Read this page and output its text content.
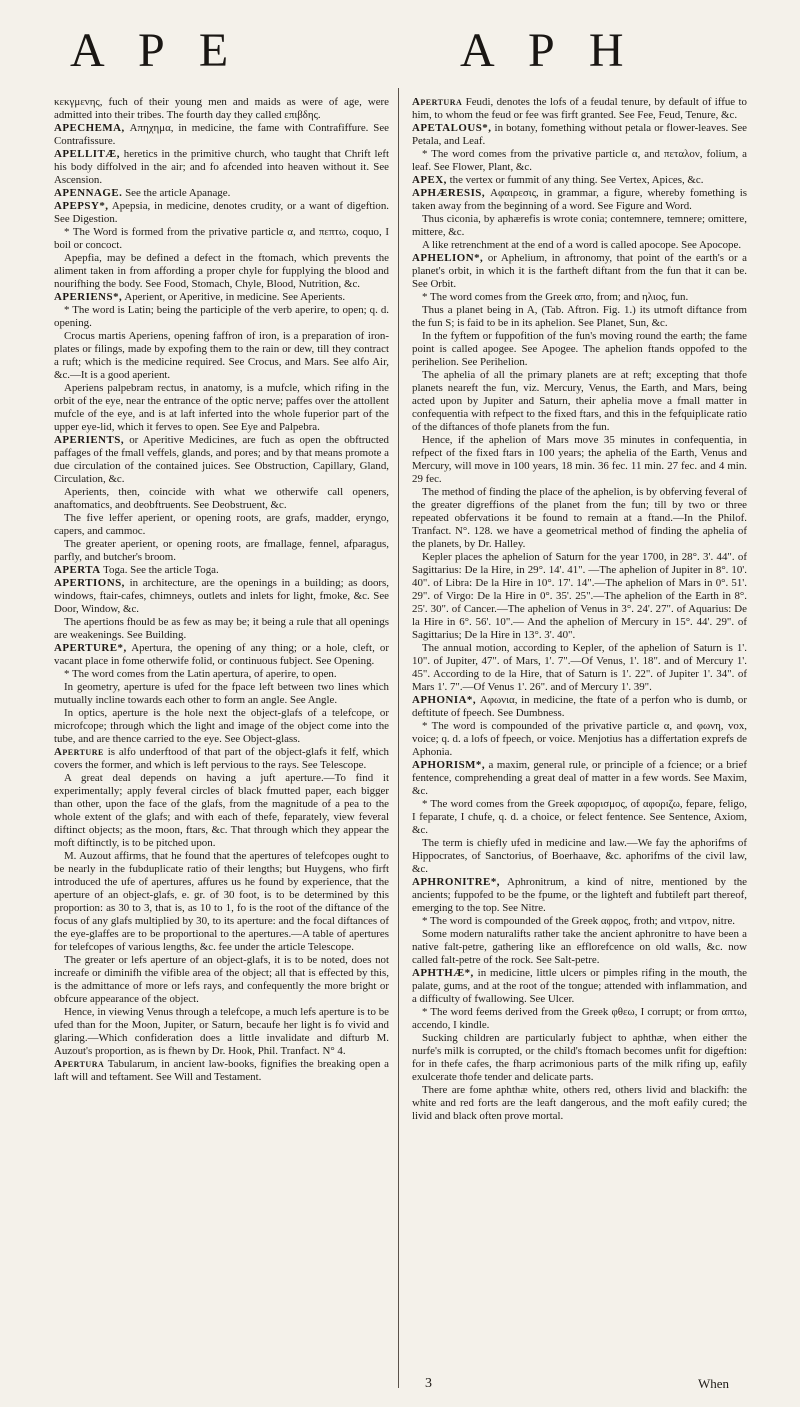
A P E	A P H

κεκγμενης, fuch of their young men and maids as were of age, were admitted into their tribes. The fourth day they called επιβδης.

APECHEMA, Απηχημα, in medicine, the fame with Contrafiffure. See Contrafissure.

APELLITÆ, heretics in the primitive church, who taught that Chrift left his body diffolved in the air; and fo afcended into heaven without it. See Ascension.

APENNAGE. See the article Apanage.

APEPSY*, Apepsia, in medicine, denotes crudity, or a want of digeftion. See Digestion.

* The Word is formed from the privative particle α, and πεπτω, coquo, I boil or concoct.

Apepfia, may be defined a defect in the ftomach, which prevents the aliment taken in from affording a proper chyle for fupplying the blood and nourifhing the body. See Food, Stomach, Chyle, Blood, Nutrition, &c.

APERIENS*, Aperient, or Aperitive, in medicine. See Aperients.

* The word is Latin; being the participle of the verb aperire, to open; q. d. opening.

Crocus martis Aperiens, opening faffron of iron, is a preparation of iron-plates or filings, made by expofing them to the rain or dew, till they contract a ruft; which is the medicine required. See Crocus, and Mars. See alfo Air, &c.—It is a good aperient.

Aperiens palpebram rectus, in anatomy, is a mufcle, which rifing in the orbit of the eye, near the entrance of the optic nerve; paffes over the attollent mufcle of the eye, and is at laft inferted into the whole fuperior part of the upper eye-lid, which it ferves to open. See Eye and Palpebra.

APERIENTS, or Aperitive Medicines, are fuch as open the obftructed paffages of the fmall veffels, glands, and pores; and by that means promote a due circulation of the contained juices. See Obstruction, Capillary, Gland, Circulation, &c.

Aperients, then, coincide with what we otherwife call openers, anaftomatics, and deobftruents. See Deobstruent, &c.

The five leffer aperient, or opening roots, are grafs, madder, eryngo, capers, and cammoc.

The greater aperient, or opening roots, are fmallage, fennel, afparagus, parfly, and butcher's broom.

APERTA Toga. See the article Toga.

APERTIONS, in architecture, are the openings in a building; as doors, windows, ftair-cafes, chimneys, outlets and inlets for light, fmoke, &c. See Door, Window, &c.

The apertions fhould be as few as may be; it being a rule that all openings are weakenings. See Building.

APERTURE*, Apertura, the opening of any thing; or a hole, cleft, or vacant place in fome otherwife folid, or continuous fubject. See Opening.

* The word comes from the Latin apertura, of aperire, to open.

In geometry, aperture is ufed for the fpace left between two lines which mutually incline towards each other to form an angle. See Angle.

In optics, aperture is the hole next the object-glafs of a telefcope, or microfcope; through which the light and image of the object come into the tube, and are thence carried to the eye. See Object-glass.

Aperture is alfo underftood of that part of the object-glafs it felf, which covers the former, and which is left pervious to the rays. See Telescope.

A great deal depends on having a juft aperture.—To find it experimentally; apply feveral circles of black fmutted paper, each bigger than other, upon the face of the glafs, from the magnitude of a pea to the whole extent of the glafs; and with each of thefe, feparately, view feveral diftinct objects; as the moon, ftars, &c. That through which they appear the moft diftinctly, is to be pitched upon.

M. Auzout affirms, that he found that the apertures of telefcopes ought to be nearly in the fubduplicate ratio of their lengths; but Huygens, who firft introduced the ufe of apertures, affures us he found by experience, that the aperture of an object-glafs, e. gr. of 30 foot, is to be determined by this proportion: as 30 to 3, that is, as 10 to 1, fo is the root of the diftance of the focus of any glafs multiplied by 30, to its aperture: and the focal diftances of the eye-glaffes are to be proportional to the apertures.—A table of apertures for telefcopes of various lengths, &c. fee under the article Telescope.

The greater or lefs aperture of an object-glafs, it is to be noted, does not increafe or diminifh the vifible area of the object; all that is effected by this, is the admittance of more or lefs rays, and confequently the more bright or obfcure appearance of the object.

Hence, in viewing Venus through a telefcope, a much lefs aperture is to be ufed than for the Moon, Jupiter, or Saturn, becaufe her light is fo vivid and glaring.—Which confideration does a little invalidate and difturb M. Auzout's proportion, as is fhewn by Dr. Hook, Phil. Tranfact. N° 4.

Apertura Tabularum, in ancient law-books, fignifies the breaking open a laft will and teftament. See Will and Testament.

Apertura Feudi, denotes the lofs of a feudal tenure, by default of iffue to him, to whom the feud or fee was firft granted. See Fee, Feud, Tenure, &c.

APETALOUS*, in botany, fomething without petala or flower-leaves. See Petala, and Leaf.

* The word comes from the privative particle α, and πεταλον, folium, a leaf. See Flower, Plant, &c.

APEX, the vertex or fummit of any thing. See Vertex, Apices, &c.

APHÆRESIS, Αφαιρεσις, in grammar, a figure, whereby fomething is taken away from the beginning of a word. See Figure and Word.

Thus ciconia, by aphærefis is wrote conia; contemnere, temnere; omittere, mittere, &c.

A like retrenchment at the end of a word is called apocope. See Apocope.

APHELION*, or Aphelium, in aftronomy, that point of the earth's or a planet's orbit, in which it is the fartheft diftant from the fun that it can be. See Orbit.

* The word comes from the Greek απο, from; and ηλιος, fun.

Thus a planet being in A, (Tab. Aftron. Fig. 1.) its utmoft diftance from the fun S; is faid to be in its aphelion. See Planet, Sun, &c.

In the fyftem or fuppofition of the fun's moving round the earth; the fame point is called apogee. See Apogee. The aphelion ftands oppofed to the perihelion. See Perihelion.

The aphelia of all the primary planets are at reft; excepting that thofe planets neareft the fun, viz. Mercury, Venus, the Earth, and Mars, being acted upon by Jupiter and Saturn, their aphelia move a fmall matter in confequentia with refpect to the fixed ftars, and this in the fefquiplicate ratio of the diftances of thofe planets from the fun.

Hence, if the aphelion of Mars move 35 minutes in confequentia, in refpect of the fixed ftars in 100 years; the aphelia of the Earth, Venus and Mercury, will move in 100 years, 18 min. 36 fec. 11 min. 27 fec. and 4 min. 29 fec.

The method of finding the place of the aphelion, is by obferving feveral of the greater digreffions of the planet from the fun; till by two or three repeated obfervations it be found to remain at a ftand.—In the Philof. Tranfact. N°. 128. we have a geometrical method of finding the aphelia of the planets, by Dr. Halley.

Kepler places the aphelion of Saturn for the year 1700, in 28°. 3'. 44". of Sagittarius: De la Hire, in 29°. 14'. 41". —The aphelion of Jupiter in 8°. 10'. 40". of Libra: De la Hire in 10°. 17'. 14".—The aphelion of Mars in 0°. 51'. 29". of Virgo: De la Hire in 0°. 35'. 25".—The aphelion of the Earth in 8°. 25'. 30". of Cancer.—The aphelion of Venus in 3°. 24'. 27". of Aquarius: De la Hire in 6°. 56'. 10".— And the aphelion of Mercury in 15°. 44'. 29". of Sagittarius; De la Hire in 13°. 3'. 40".

The annual motion, according to Kepler, of the aphelion of Saturn is 1'. 10". of Jupiter, 47". of Mars, 1'. 7".—Of Venus, 1'. 18". and of Mercury 1'. 45". According to de la Hire, that of Saturn is 1'. 22". of Jupiter 1'. 34". of Mars 1'. 7".—Of Venus 1'. 26". and of Mercury 1'. 39".

APHONIA*, Αφωνια, in medicine, the ftate of a perfon who is dumb, or deftitute of fpeech. See Dumbness.

* The word is compounded of the privative particle α, and φωνη, vox, voice; q. d. a lofs of fpeech, or voice. Menjotius has a differtation exprefs de Aphonia.

APHORISM*, a maxim, general rule, or principle of a fcience; or a brief fentence, comprehending a great deal of matter in a few words. See Maxim, &c.

* The word comes from the Greek αφορισμος, of αφοριζω, fepare, feligo, I feparate, I chufe, q. d. a choice, or felect fentence. See Sentence, Axiom, &c.

The term is chiefly ufed in medicine and law.—We fay the aphorifms of Hippocrates, of Sanctorius, of Boerhaave, &c. aphorifms of the civil law, &c.

APHRONITRE*, Aphronitrum, a kind of nitre, mentioned by the ancients; fuppofed to be the fpume, or the lighteft and fubtileft part thereof, emerging to the top. See Nitre.

* The word is compounded of the Greek αφρος, froth; and νιτρον, nitre.

Some modern naturalifts rather take the ancient aphronitre to have been a native falt-petre, gathering like an efflorefcence on old walls, &c. now called falt-petre of the rock. See Salt-petre.

APHTHÆ*, in medicine, little ulcers or pimples rifing in the mouth, the palate, gums, and at the root of the tongue; attended with inflammation, and a difficulty of fwallowing. See Ulcer.

* The word feems derived from the Greek φθεω, I corrupt; or from απτω, accendo, I kindle.

Sucking children are particularly fubject to aphthæ, when either the nurfe's milk is corrupted, or the child's ftomach becomes unfit for digeftion: for in thefe cafes, the fharp acrimonious parts of the milk rifing up, eafily exulcerate thofe tender and delicate parts.

There are fome aphthæ white, others red, others livid and blackifh: the white and red forts are the leaft dangerous, and the moft eafily cured; the livid and black often prove mortal.

3	When
